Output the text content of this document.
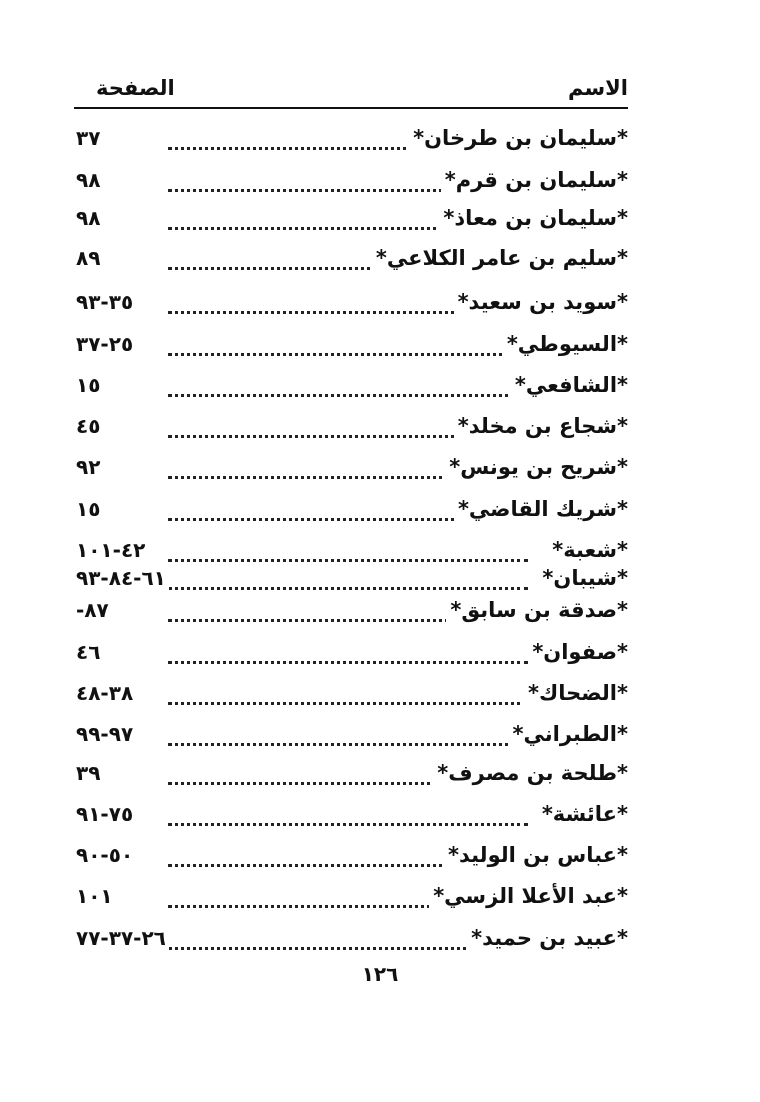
الاسم
الصفحة
*سليمان بن طرخان*
٣٧
*سليمان بن قرم*
٩٨
*سليمان بن معاذ*
٩٨
*سليم بن عامر الكلاعي*
٨٩
*سويد بن سعيد*
٣٥-٩٣
*السيوطي*
٢٥-٣٧
*الشافعي*
١٥
*شجاع بن مخلد*
٤٥
*شريح بن يونس*
٩٢
*شريك القاضي*
١٥
*شعبة*
٤٢-١٠١
*شيبان*
٦١-٨٤-٩٣
*صدقة بن سابق*
٨٧-
*صفوان*
٤٦
*الضحاك*
٣٨-٤٨
*الطبراني*
٩٧-٩٩
*طلحة بن مصرف*
٣٩
*عائشة*
٧٥-٩١
*عباس بن الوليد*
٥٠-٩٠
*عبد الأعلا الزسي*
١٠١
*عبيد بن حميد*
٢٦-٣٧-٧٧
١٢٦
